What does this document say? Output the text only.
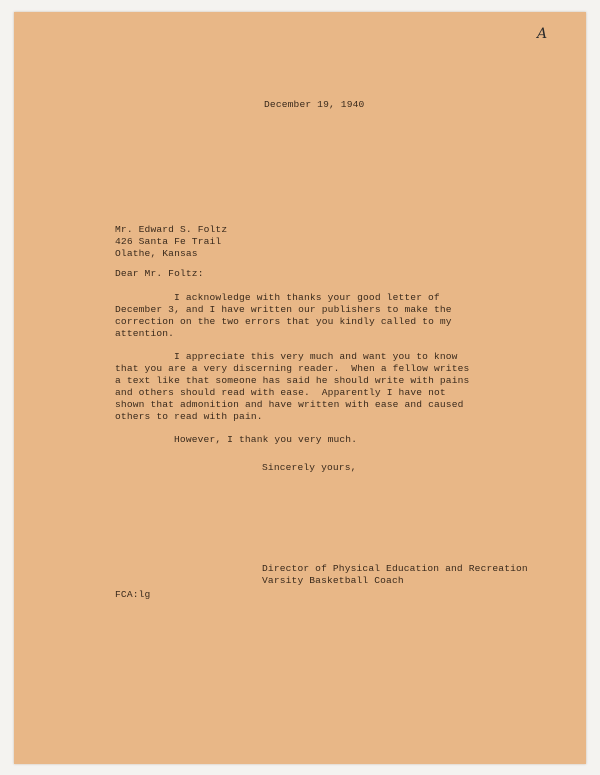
A
December 19, 1940
Mr. Edward S. Foltz
426 Santa Fe Trail
Olathe, Kansas
Dear Mr. Foltz:
I acknowledge with thanks your good letter of
December 3, and I have written our publishers to make the
correction on the two errors that you kindly called to my
attention.
I appreciate this very much and want you to know
that you are a very discerning reader.  When a fellow writes
a text like that someone has said he should write with pains
and others should read with ease.  Apparently I have not
shown that admonition and have written with ease and caused
others to read with pain.
However, I thank you very much.
Sincerely yours,
Director of Physical Education and Recreation
Varsity Basketball Coach
FCA:lg
